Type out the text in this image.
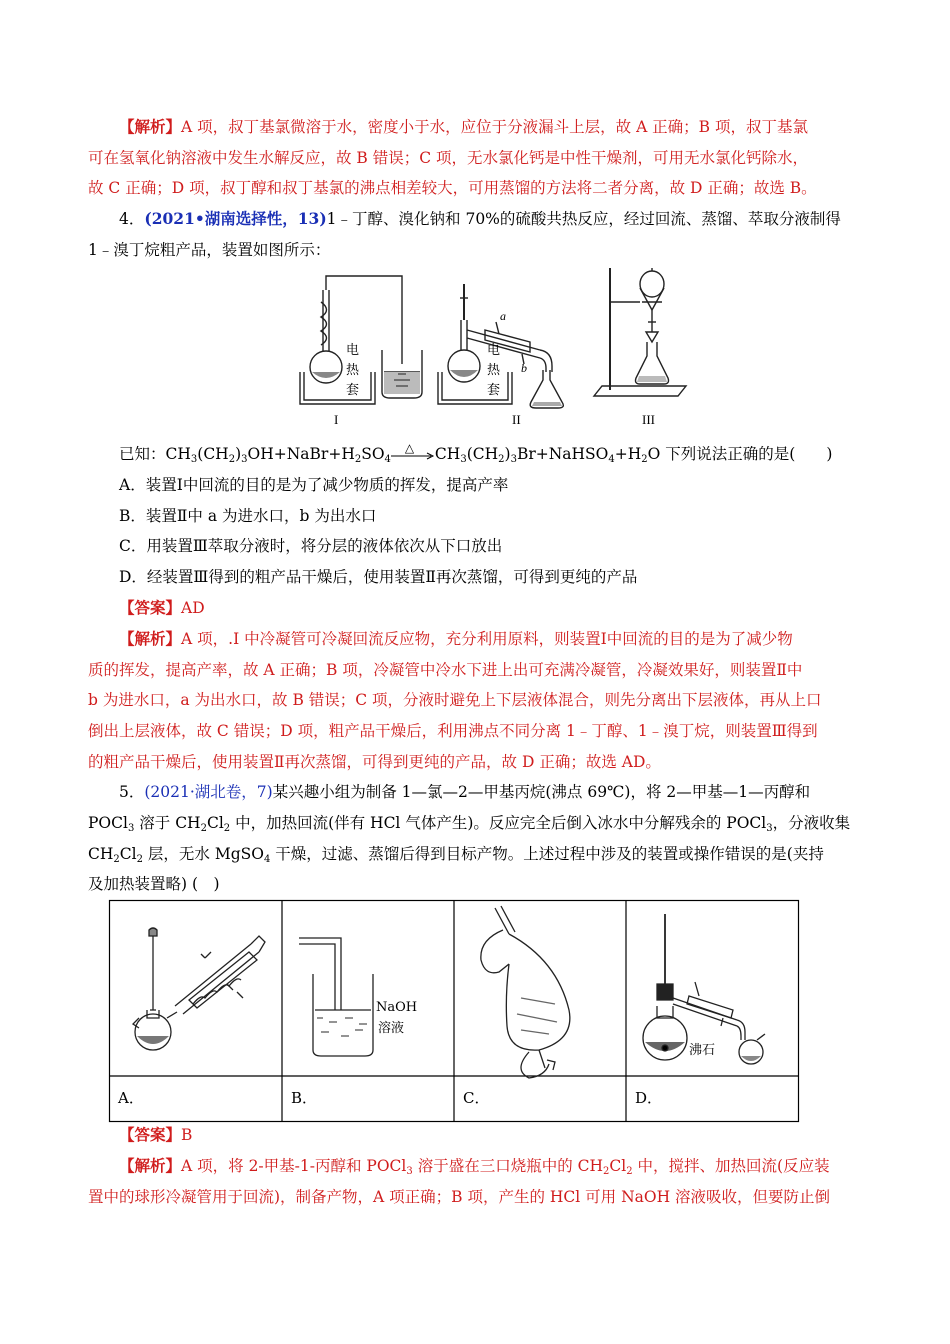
【解析】A 项，叔丁基氯微溶于水，密度小于水，应位于分液漏斗上层，故 A 正确；B 项，叔丁基氯
可在氢氧化钠溶液中发生水解反应，故 B 错误；C 项，无水氯化钙是中性干燥剂，可用无水氯化钙除水，
故 C 正确；D 项，叔丁醇和叔丁基氯的沸点相差较大，可用蒸馏的方法将二者分离，故 D 正确；故选 B。
4．(2021•湖南选择性，13)1﹣丁醇、溴化钠和 70%的硫酸共热反应，经过回流、蒸馏、萃取分液制得
1﹣溴丁烷粗产品，装置如图所示：
电
热
套
电
热
套
a
b
I	II	III
已知：$CH_3(CH_2)_3OH+NaBr+H_2SO_4$
△ $CH_3(CH_2)_3Br+NaHSO_4+H_2O$ 下列说法正确的是(　　)
A．装置Ⅰ中回流的目的是为了减少物质的挥发，提高产率
B．装置Ⅱ中 a 为进水口，b 为出水口
C．用装置Ⅲ萃取分液时，将分层的液体依次从下口放出
D．经装置Ⅲ得到的粗产品干燥后，使用装置Ⅱ再次蒸馏，可得到更纯的产品
【答案】AD
【解析】A 项，.I 中冷凝管可冷凝回流反应物，充分利用原料，则装置Ⅰ中回流的目的是为了减少物
质的挥发，提高产率，故 A 正确；B 项，冷凝管中冷水下进上出可充满冷凝管，冷凝效果好，则装置Ⅱ中
b 为进水口，a 为出水口，故 B 错误；C 项，分液时避免上下层液体混合，则先分离出下层液体，再从上口
倒出上层液体，故 C 错误；D 项，粗产品干燥后，利用沸点不同分离 1﹣丁醇、1﹣溴丁烷，则装置Ⅲ得到
的粗产品干燥后，使用装置Ⅱ再次蒸馏，可得到更纯的产品，故 D 正确；故选 AD。
5．(2021·湖北卷，7)某兴趣小组为制备 1—氯—2—甲基丙烷(沸点 69℃)，将 2—甲基—1—丙醇和
POCl$_3$ 溶于 $CH_2Cl_2$ 中，加热回流(伴有 HCl 气体产生)。反应完全后倒入冰水中分解残余的 POCl$_3$，分液收集
$CH_2Cl_2$ 层，无水 MgSO$_4$ 干燥，过滤、蒸馏后得到目标产物。上述过程中涉及的装置或操作错误的是(夹持
及加热装置略) (　)
NaOH
溶液
沸石
A．	B．	C．	D．
【答案】B
【解析】A 项，将 2-甲基-1-丙醇和 POCl$_3$ 溶于盛在三口烧瓶中的 $CH_2Cl_2$ 中，搅拌、加热回流(反应装
置中的球形冷凝管用于回流)，制备产物，A 项正确；B 项，产生的 HCl 可用 NaOH 溶液吸收，但要防止倒
